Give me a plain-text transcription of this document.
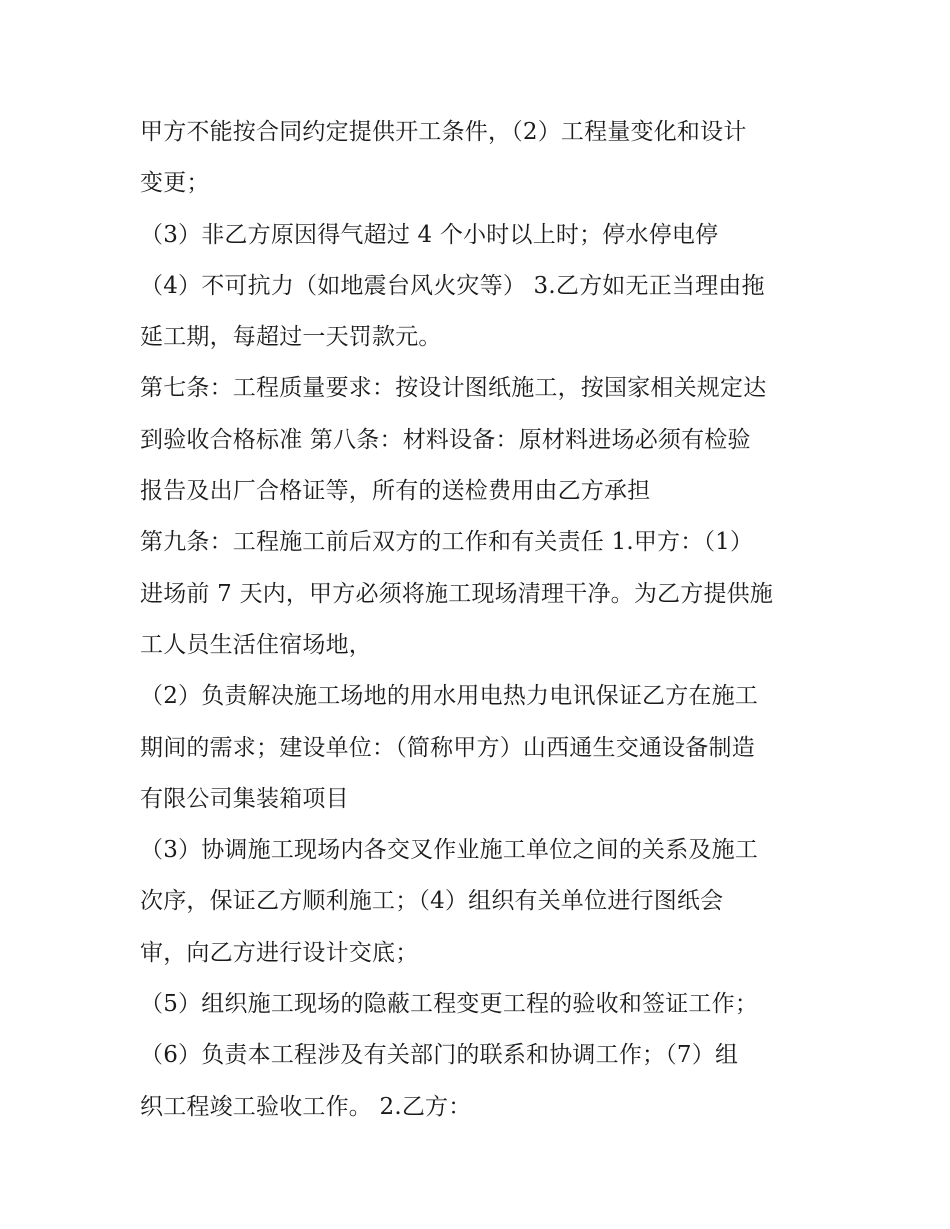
甲方不能按合同约定提供开工条件，（2）工程量变化和设计
变更；
（3）非乙方原因得气超过 4 个小时以上时；停水停电停
（4）不可抗力（如地震台风火灾等） 3.乙方如无正当理由拖
延工期，每超过一天罚款元。
第七条：工程质量要求：按设计图纸施工，按国家相关规定达
到验收合格标准 第八条：材料设备：原材料进场必须有检验
报告及出厂合格证等，所有的送检费用由乙方承担
第九条：工程施工前后双方的工作和有关责任 1.甲方：（1）
进场前 7 天内，甲方必须将施工现场清理干净。为乙方提供施
工人员生活住宿场地，
（2）负责解决施工场地的用水用电热力电讯保证乙方在施工
期间的需求；建设单位：（简称甲方）山西通生交通设备制造
有限公司集装箱项目
（3）协调施工现场内各交叉作业施工单位之间的关系及施工
次序，保证乙方顺利施工；（4）组织有关单位进行图纸会
审，向乙方进行设计交底；
（5）组织施工现场的隐蔽工程变更工程的验收和签证工作；
（6）负责本工程涉及有关部门的联系和协调工作；（7）组
织工程竣工验收工作。 2.乙方：
